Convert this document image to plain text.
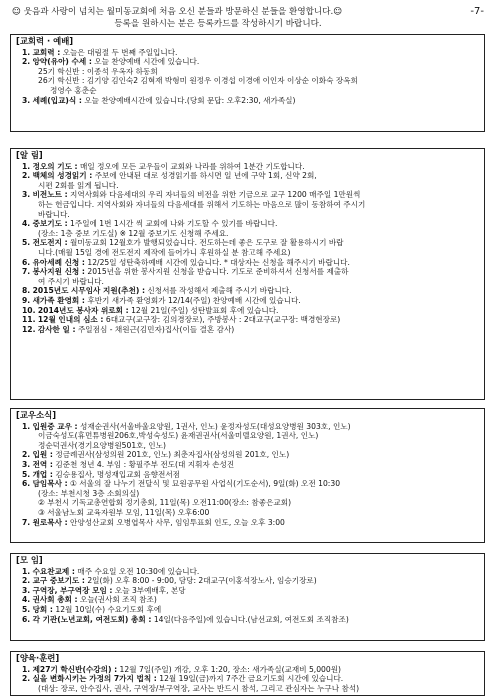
☺ 웃음과 사랑이 넘치는 월미동교회에 처음 오신 분들과 방문하신 분들을 환영합니다.☺	-7-
등록을 원하시는 분은 등록카드를 작성하시기 바랍니다.
[교회력 · 예배]
1. 교회력 : 오늘은 대림절 두 번째 주일입니다.
2. 앙약(유아) 수세 : 오늘 찬양예배 시간에 있습니다.
25기 학신반 : 이종석 우옥자 하동희
26기 학신반 : 김기양 김인숙2 김혁재 박형미 원정우 이경섭 이경애 이인자 이상순 이화숙 장옥희
정영수 홍춘순
3. 세례(입교)식 : 오늘 찬양예배시간에 있습니다.(당회 문답: 오후2:30, 새가족실)
[알 림]
1. 정오의 기도 : 매일 정오에 모든 교우들이 교회와 나라를 위하여 1분간 기도합니다.
2. 백체의 성경읽기 : 주보에 안내된 대로 성경읽기를 하시면 일 년에 구약 1회, 신약 2회,
시편 2회를 읽게 됩니다.
3. 비전노트 : 지역사회와 다음세대의 우리 자녀들의 비전을 위한 기금으로 교구 1200 매주일 1만원씩
하는 헌금입니다. 지역사회와 자녀들의 다음세대를 위해서 기도하는 마음으로 많이 동참하여 주시기
바랍니다.
4. 중보기도 : 1주일에 1번 1시간 씩 교회에 나와 기도할 수 있기를 바랍니다.
(장소: 1층 중보 기도실) ※ 12월 중보기도 신청해 주세요.
5. 전도전지 : 월미동교회 12월호가 발행되었습니다. 전도하는데 좋은 도구로 잘 활용하시기 바랍
니다.(매월 15일 경에 전도전지 제작에 들어가니 후원하실 분 참고해 주세요)
6. 유아세례 신청 : 12/25일 성탄축하예배 시간에 있습니다. * 대상자는 신청을 해주시기 바랍니다.
7. 봉사지원 신청 : 2015년을 위한 봉사지원 신청을 받습니다. 기도로 준비하셔서 신청서를 제출하
여 주시기 바랍니다.
8. 2015년도 시무임사 지원(추천) : 신청서를 작성해서 제출해 주시기 바랍니다.
9. 새가족 환영회 : 후반기 새가족 환영회가 12/14(주일) 찬양예배 시간에 있습니다.
10. 2014년도 봉사자 위로회 : 12월 21일(주일) 성탄발표회 후에 있습니다.
11. 12월 인내의 심소 : 6대교구(교구장: 김의경장로), 주방봉사 : 2대교구(교구장: 백경현장로)
12. 감사한 일 : 주일점심 - 채원근(김민자)집사(이들 결혼 감사)
[교우소식]
1. 입원중 교우 : 성재순권사(서울바울요양원, 1권사, 인노) 윤정자성도(대성요양병원 303호, 인노)
이금숙성도(휴먼튜병원206호,박성숙성도) 윤재권권사(서울미델요양원, 1권사, 인노)
정순덕권사(경기요양병원501호, 인노)
2. 입원 : 정금례권사(삼성의원 201호, 인노) 최춘자집사(삼성의원 201호, 인노)
3. 전역 : 김준천 청년 4. 부임 : 황필주부 전도(대 지휘자 손성진
5. 개업 : 김승용집사, 명성재입교회 음향전서점
6. 담임목사 : ① 서울의 잘 나누기 전달식 및 묘원공무원 사업식(기도순서), 9일(화) 오전 10:30
(장소: 부천시청 3층 소회의실)
② 부천시 기독교총연합회 정기총회, 11일(목) 오전11:00(장소: 참좋은교회)
③ 서울남노회 교육자원부 모임, 11일(목) 오후6:00
7. 원로목사 : 안양성산교회 오병엽목사 사무, 임임투표회 인도, 오늘 오후 3:00
[모 임]
1. 수요찬교제 : 매주 수요일 오전 10:30에 있습니다.
2. 교구 중보기도 : 2일(화) 오후 8:00 - 9:00, 담당: 2대교구(이홍석장노사, 임승기장로)
3. 구역장, 부구역장 모임 : 오늘 3부예배후, 본당
4. 권사회 총회 : 오늘(권사회 조직 참조)
5. 당회 : 12월 10일(수) 수요기도회 후에
6. 각 기관(노년교회, 여전도회) 총회 : 14일(다음주일)에 있습니다.(남선교회, 여전도회 조직참조)
[양육·훈련]
1. 제27기 학신반(수강의) : 12월 7일(주일) 개강, 오후 1:20, 장소: 새가족실(교재비 5,000원)
2. 실을 변화시키는 가정의 7가지 법칙 : 12월 19일(금)까지 7주간 금요기도회 시간에 있습니다.
(대상: 장로, 안수집사, 권사, 구역장/부구역장, 교사는 반드시 참석, 그리고 관심자는 누구나 참석)
